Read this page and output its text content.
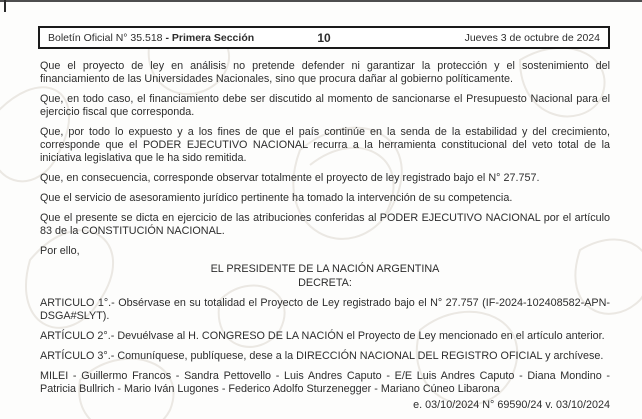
Boletín Oficial N° 35.518 - Primera Sección	10	Jueves 3 de octubre de 2024

Que el proyecto de ley en análisis no pretende defender ni garantizar la protección y el sostenimiento del financiamiento de las Universidades Nacionales, sino que procura dañar al gobierno políticamente.

Que, en todo caso, el financiamiento debe ser discutido al momento de sancionarse el Presupuesto Nacional para el ejercicio fiscal que corresponda.

Que, por todo lo expuesto y a los fines de que el país continúe en la senda de la estabilidad y del crecimiento, corresponde que el PODER EJECUTIVO NACIONAL recurra a la herramienta constitucional del veto total de la iniciativa legislativa que le ha sido remitida.

Que, en consecuencia, corresponde observar totalmente el proyecto de ley registrado bajo el N° 27.757.

Que el servicio de asesoramiento jurídico pertinente ha tomado la intervención de su competencia.

Que el presente se dicta en ejercicio de las atribuciones conferidas al PODER EJECUTIVO NACIONAL por el artículo 83 de la CONSTITUCIÓN NACIONAL.

Por ello,

EL PRESIDENTE DE LA NACIÓN ARGENTINA

DECRETA:

ARTICULO 1°.- Obsérvase en su totalidad el Proyecto de Ley registrado bajo el N° 27.757 (IF-2024-102408582-APN-DSGA#SLYT).

ARTÍCULO 2°.- Devuélvase al H. CONGRESO DE LA NACIÓN el Proyecto de Ley mencionado en el artículo anterior.

ARTÍCULO 3°.- Comuníquese, publíquese, dese a la DIRECCIÓN NACIONAL DEL REGISTRO OFICIAL y archívese.

MILEI - Guillermo Francos - Sandra Pettovello - Luis Andres Caputo - E/E Luis Andres Caputo - Diana Mondino - Patricia Bullrich - Mario Iván Lugones - Federico Adolfo Sturzenegger - Mariano Cúneo Libarona

e. 03/10/2024 N° 69590/24 v. 03/10/2024
